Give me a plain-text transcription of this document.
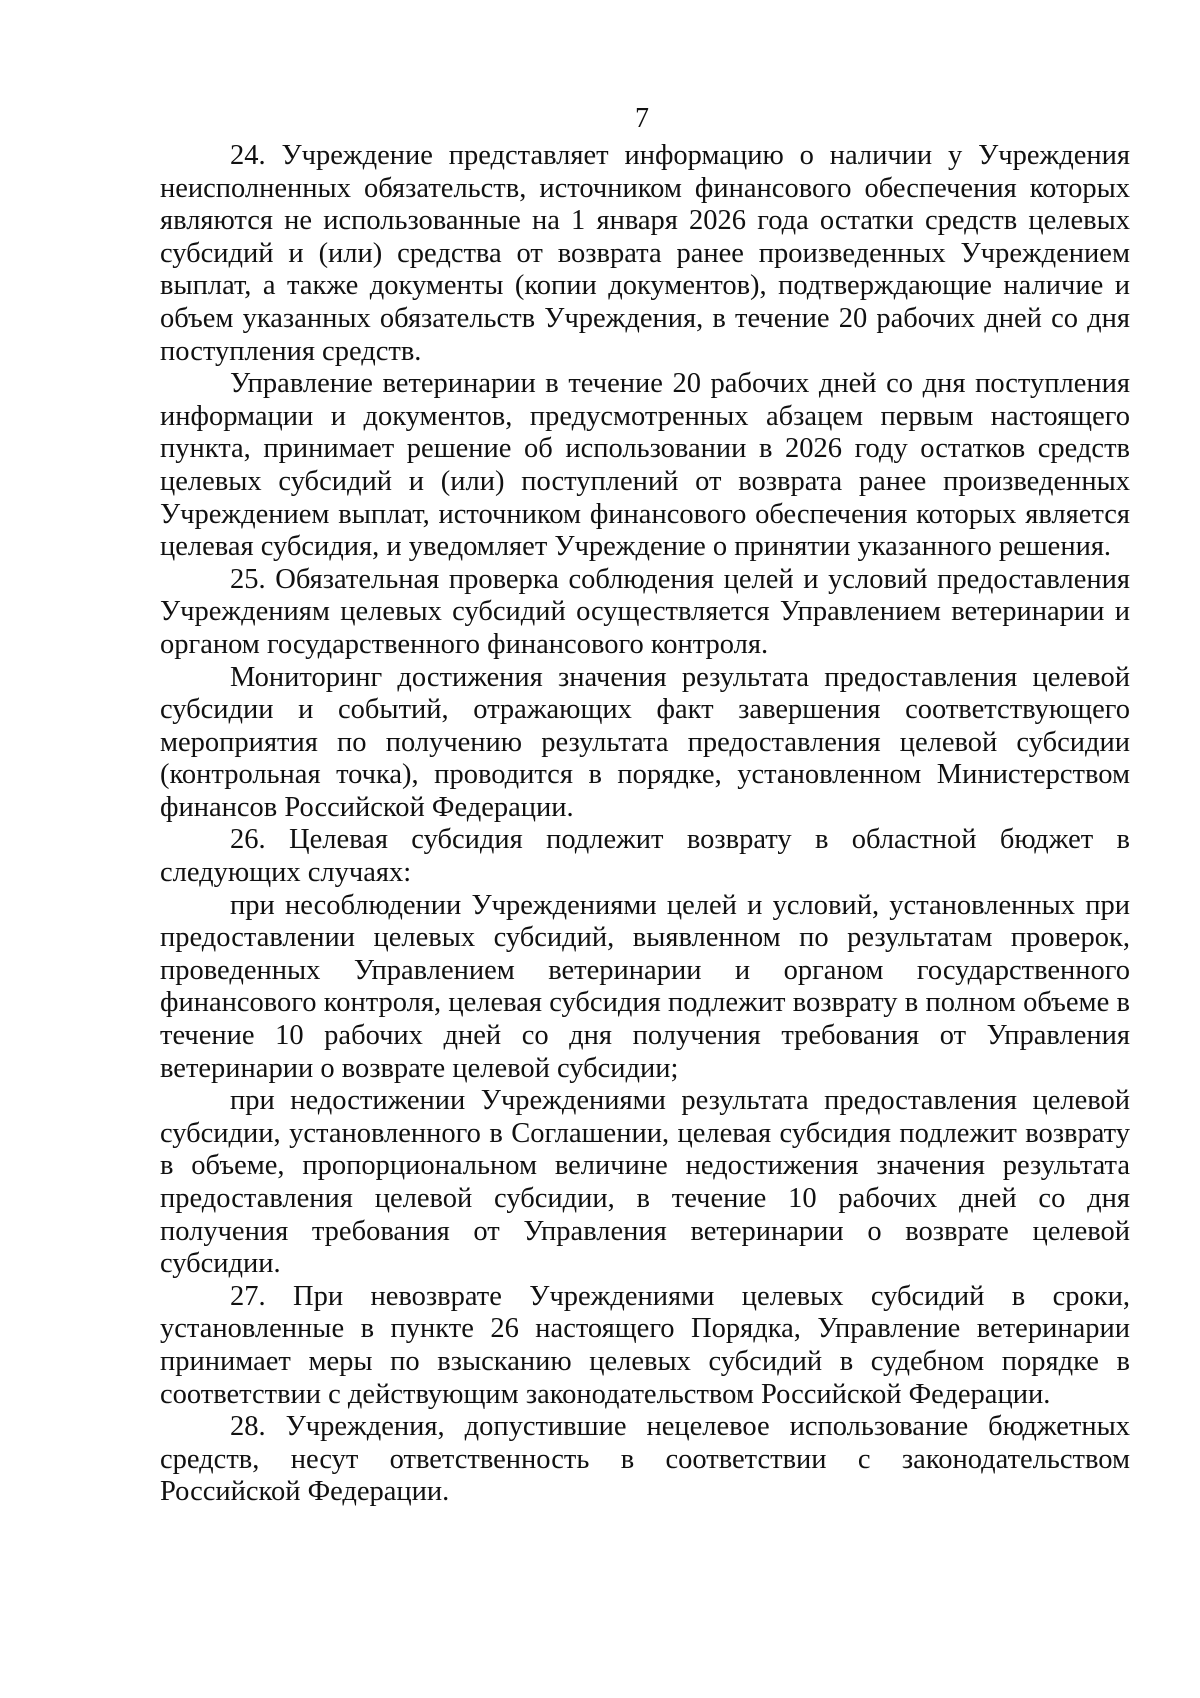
7

24. Учреждение представляет информацию о наличии у Учреждения неисполненных обязательств, источником финансового обеспечения которых являются не использованные на 1 января 2026 года остатки средств целевых субсидий и (или) средства от возврата ранее произведенных Учреждением выплат, а также документы (копии документов), подтверждающие наличие и объем указанных обязательств Учреждения, в течение 20 рабочих дней со дня поступления средств.

Управление ветеринарии в течение 20 рабочих дней со дня поступления информации и документов, предусмотренных абзацем первым настоящего пункта, принимает решение об использовании в 2026 году остатков средств целевых субсидий и (или) поступлений от возврата ранее произведенных Учреждением выплат, источником финансового обеспечения которых является целевая субсидия, и уведомляет Учреждение о принятии указанного решения.

25. Обязательная проверка соблюдения целей и условий предоставления Учреждениям целевых субсидий осуществляется Управлением ветеринарии и органом государственного финансового контроля.

Мониторинг достижения значения результата предоставления целевой субсидии и событий, отражающих факт завершения соответствующего мероприятия по получению результата предоставления целевой субсидии (контрольная точка), проводится в порядке, установленном Министерством финансов Российской Федерации.

26. Целевая субсидия подлежит возврату в областной бюджет в следующих случаях:

при несоблюдении Учреждениями целей и условий, установленных при предоставлении целевых субсидий, выявленном по результатам проверок, проведенных Управлением ветеринарии и органом государственного финансового контроля, целевая субсидия подлежит возврату в полном объеме в течение 10 рабочих дней со дня получения требования от Управления ветеринарии о возврате целевой субсидии;

при недостижении Учреждениями результата предоставления целевой субсидии, установленного в Соглашении, целевая субсидия подлежит возврату в объеме, пропорциональном величине недостижения значения результата предоставления целевой субсидии, в течение 10 рабочих дней со дня получения требования от Управления ветеринарии о возврате целевой субсидии.

27. При невозврате Учреждениями целевых субсидий в сроки, установленные в пункте 26 настоящего Порядка, Управление ветеринарии принимает меры по взысканию целевых субсидий в судебном порядке в соответствии с действующим законодательством Российской Федерации.

28. Учреждения, допустившие нецелевое использование бюджетных средств, несут ответственность в соответствии с законодательством Российской Федерации.
